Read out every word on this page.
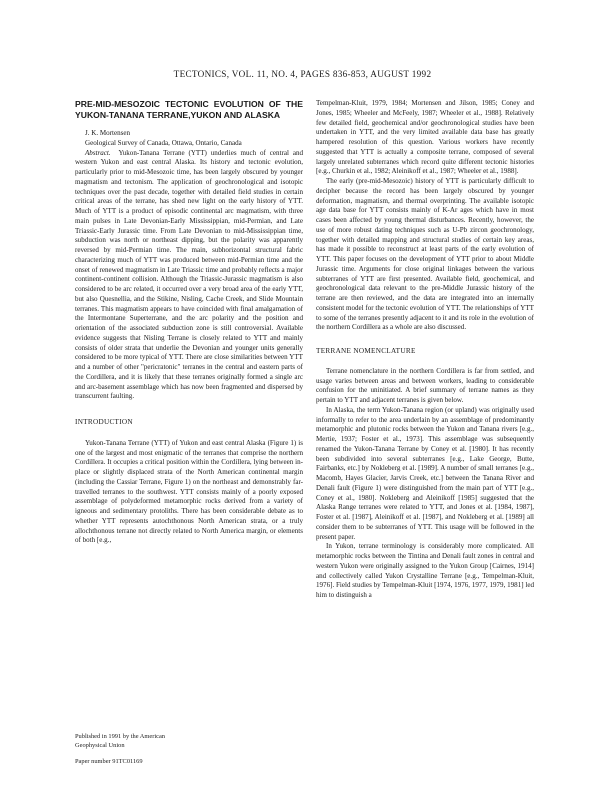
TECTONICS, VOL. 11, NO. 4, PAGES 836-853, AUGUST 1992
PRE-MID-MESOZOIC TECTONIC EVOLUTION OF THE YUKON-TANANA TERRANE,YUKON AND ALASKA

J. K. Mortensen

Geological Survey of Canada, Ottawa, Ontario, Canada

Abstract. Yukon-Tanana Terrane (YTT) underlies much of central and western Yukon and east central Alaska. Its history and tectonic evolution, particularly prior to mid-Mesozoic time, has been largely obscured by younger magmatism and tectonism. The application of geochronological and isotopic techniques over the past decade, together with detailed field studies in certain critical areas of the terrane, has shed new light on the early history of YTT. Much of YTT is a product of episodic continental arc magmatism, with three main pulses in Late Devonian-Early Mississippian, mid-Permian, and Late Triassic-Early Jurassic time. From Late Devonian to mid-Mississippian time, subduction was north or northeast dipping, but the polarity was apparently reversed by mid-Permian time. The main, subhorizontal structural fabric characterizing much of YTT was produced between mid-Permian time and the onset of renewed magmatism in Late Triassic time and probably reflects a major continent-continent collision. Although the Triassic-Jurassic magmatism is also considered to be arc related, it occurred over a very broad area of the early YTT, but also Quesnellia, and the Stikine, Nisling, Cache Creek, and Slide Mountain terranes. This magmatism appears to have coincided with final amalgamation of the Intermontane Superterrane, and the arc polarity and the position and orientation of the associated subduction zone is still controversial. Available evidence suggests that Nisling Terrane is closely related to YTT and mainly consists of older strata that underlie the Devonian and younger units generally considered to be more typical of YTT. There are close similarities between YTT and a number of other "pericratonic" terranes in the central and eastern parts of the Cordillera, and it is likely that these terranes originally formed a single arc and arc-basement assemblage which has now been fragmented and dispersed by transcurrent faulting.

INTRODUCTION

Yukon-Tanana Terrane (YTT) of Yukon and east central Alaska (Figure 1) is one of the largest and most enigmatic of the terranes that comprise the northern Cordillera. It occupies a critical position within the Cordillera, lying between in-place or slightly displaced strata of the North American continental margin (including the Cassiar Terrane, Figure 1) on the northeast and demonstrably far-travelled terranes to the southwest. YTT consists mainly of a poorly exposed assemblage of polydeformed metamorphic rocks derived from a variety of igneous and sedimentary protoliths. There has been considerable debate as to whether YTT represents autochthonous North American strata, or a truly allochthonous terrane not directly related to North America margin, or elements of both [e.g.,

Published in 1991 by the American
Geophysical Union
Paper number 91TC01169

Tempelman-Kluit, 1979, 1984; Mortensen and Jilson, 1985; Coney and Jones, 1985; Wheeler and McFeely, 1987; Wheeler et al., 1988]. Relatively few detailed field, geochemical and/or geochronological studies have been undertaken in YTT, and the very limited available data base has greatly hampered resolution of this question. Various workers have recently suggested that YTT is actually a composite terrane, composed of several largely unrelated subterranes which record quite different tectonic histories [e.g., Churkin et al., 1982; Aleinikoff et al., 1987; Wheeler et al., 1988].

The early (pre-mid-Mesozoic) history of YTT is particularly difficult to decipher because the record has been largely obscured by younger deformation, magmatism, and thermal overprinting. The available isotopic age data base for YTT consists mainly of K-Ar ages which have in most cases been affected by young thermal disturbances. Recently, however, the use of more robust dating techniques such as U-Pb zircon geochronology, together with detailed mapping and structural studies of certain key areas, has made it possible to reconstruct at least parts of the early evolution of YTT. This paper focuses on the development of YTT prior to about Middle Jurassic time. Arguments for close original linkages between the various subterranes of YTT are first presented. Available field, geochemical, and geochronological data relevant to the pre-Middle Jurassic history of the terrane are then reviewed, and the data are integrated into an internally consistent model for the tectonic evolution of YTT. The relationships of YTT to some of the terranes presently adjacent to it and its role in the evolution of the northern Cordillera as a whole are also discussed.

TERRANE NOMENCLATURE

Terrane nomenclature in the northern Cordillera is far from settled, and usage varies between areas and between workers, leading to considerable confusion for the uninitiated. A brief summary of terrane names as they pertain to YTT and adjacent terranes is given below.

In Alaska, the term Yukon-Tanana region (or upland) was originally used informally to refer to the area underlain by an assemblage of predominantly metamorphic and plutonic rocks between the Yukon and Tanana rivers [e.g., Mertie, 1937; Foster et al., 1973]. This assemblage was subsequently renamed the Yukon-Tanana Terrane by Coney et al. [1980]. It has recently been subdivided into several subterranes [e.g., Lake George, Butte, Fairbanks, etc.] by Nokleberg et al. [1989]. A number of small terranes [e.g., Macomb, Hayes Glacier, Jarvis Creek, etc.] between the Tanana River and Denali fault (Figure 1) were distinguished from the main part of YTT [e.g., Coney et al., 1980]. Nokleberg and Aleinikoff [1985] suggested that the Alaska Range terranes were related to YTT, and Jones et al. [1984, 1987], Foster et al. [1987], Aleinikoff et al. [1987], and Nokleberg et al. [1989] all consider them to be subterranes of YTT. This usage will be followed in the present paper.

In Yukon, terrane terminology is considerably more complicated. All metamorphic rocks between the Tintina and Denali fault zones in central and western Yukon were originally assigned to the Yukon Group [Cairnes, 1914] and collectively called Yukon Crystalline Terrane [e.g., Tempelman-Kluit, 1976]. Field studies by Tempelman-Kluit [1974, 1976, 1977, 1979, 1981] led him to distinguish a
